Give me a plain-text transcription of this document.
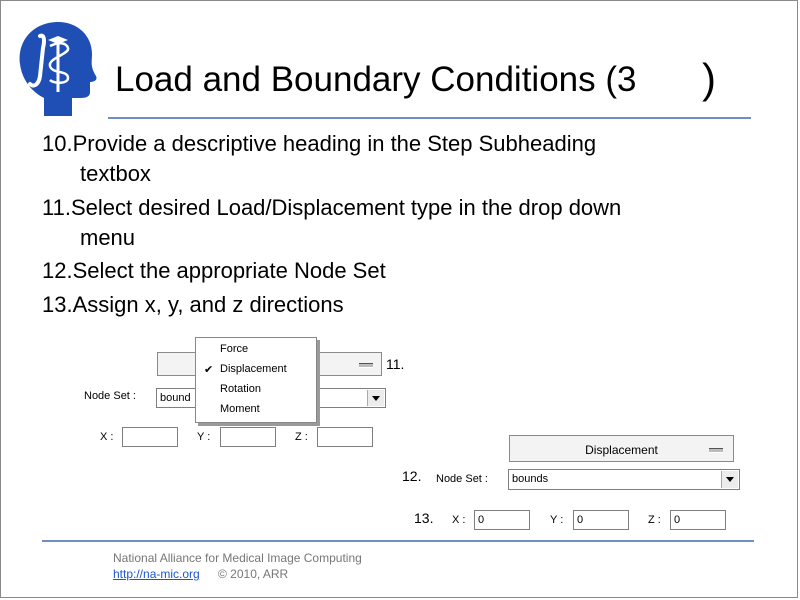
Load and Boundary Conditions (3 )
10.Provide a descriptive heading in the Step Subheading
textbox
11.Select desired Load/Displacement type in the drop down
menu
12.Select the appropriate Node Set
13.Assign x, y, and z directions
11.
Node Set :	bound
X :	Y :	Z :
Force
✔ Displacement
Rotation
Moment
Displacement
12. Node Set :	bounds
13. X :	0	Y :	0	Z :	0
National Alliance for Medical Image Computing
http://na-mic.org © 2010, ARR
